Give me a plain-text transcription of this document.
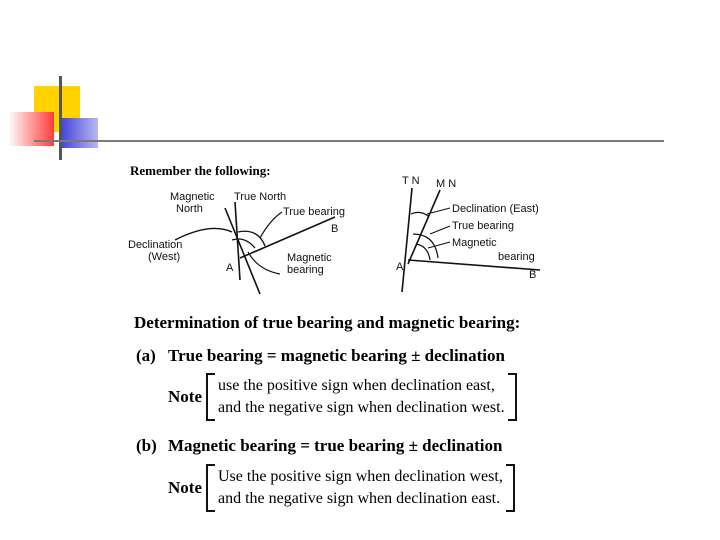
Remember the following:
Magnetic
North
True North
True bearing
B
Declination
(West)
A
Magnetic
bearing
T N M N
Declination (East)
True bearing
Magnetic
bearing
A
B
Determination of true bearing and magnetic bearing:
(a) True bearing = magnetic bearing ± declination
Note
use the positive sign when declination east,
and the negative sign when declination west.
(b) Magnetic bearing = true bearing ± declination
Note
Use the positive sign when declination west,
and the negative sign when declination east.
